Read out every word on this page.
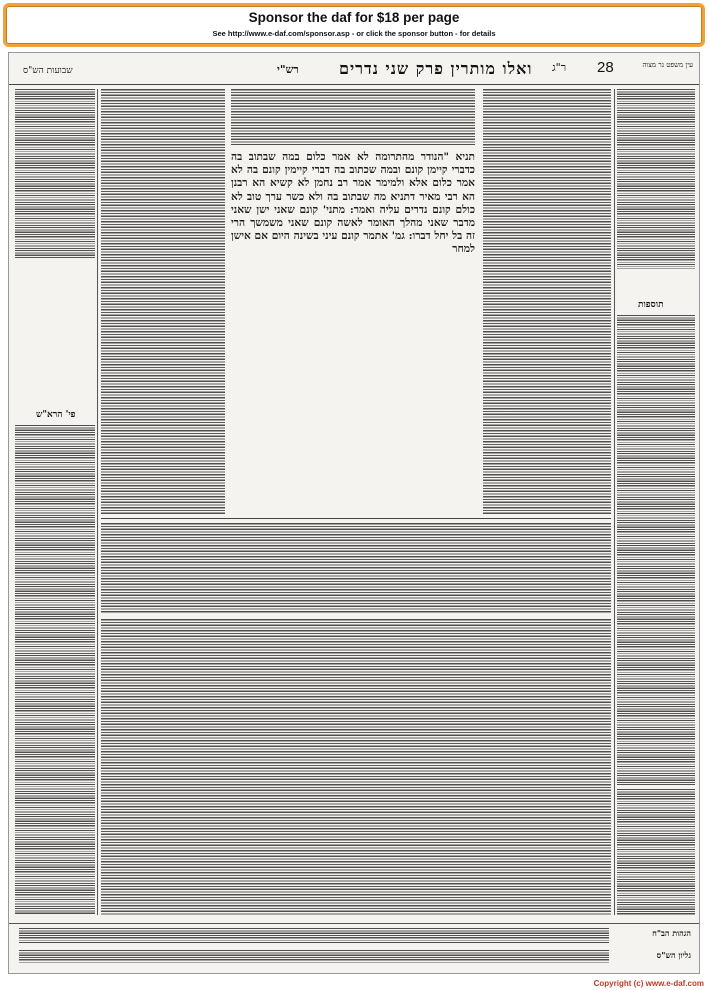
Sponsor the daf for $18 per page
See http://www.e-daf.com/sponsor.asp - or click the sponsor button - for details
שבועות הש"ס	רש"י	ואלו מותרין פרק שני נדרים ר"ג 28	עין משפט נר מצוה
תוספות
פי' הרא"ש
תניא "הנודר מהתרומה לא אמר כלום במה שבתוב בה כדברי קיימן קונם ובמה שכתוב בה דברי קיימין קונם בה לא אמר כלום אלא ולמימר אמר רב נחמן לא קשיא הא רבנן הא רבי מאיר דתניא מה שבתוב בה ולא כשר ערך טוב לא כולם קונם נדרים עליה ואמר: מתני' קונם שאני ישן שאני מדבר שאני מהלך האומר לאשה קונם שאני משמשך הרי זה בל יחל דברו: גמ' אתמר קונם עיני בשינה היום אם אישן למחר
הגהות הב"ח
גליון הש"ס
Copyright (c) www.e-daf.com
